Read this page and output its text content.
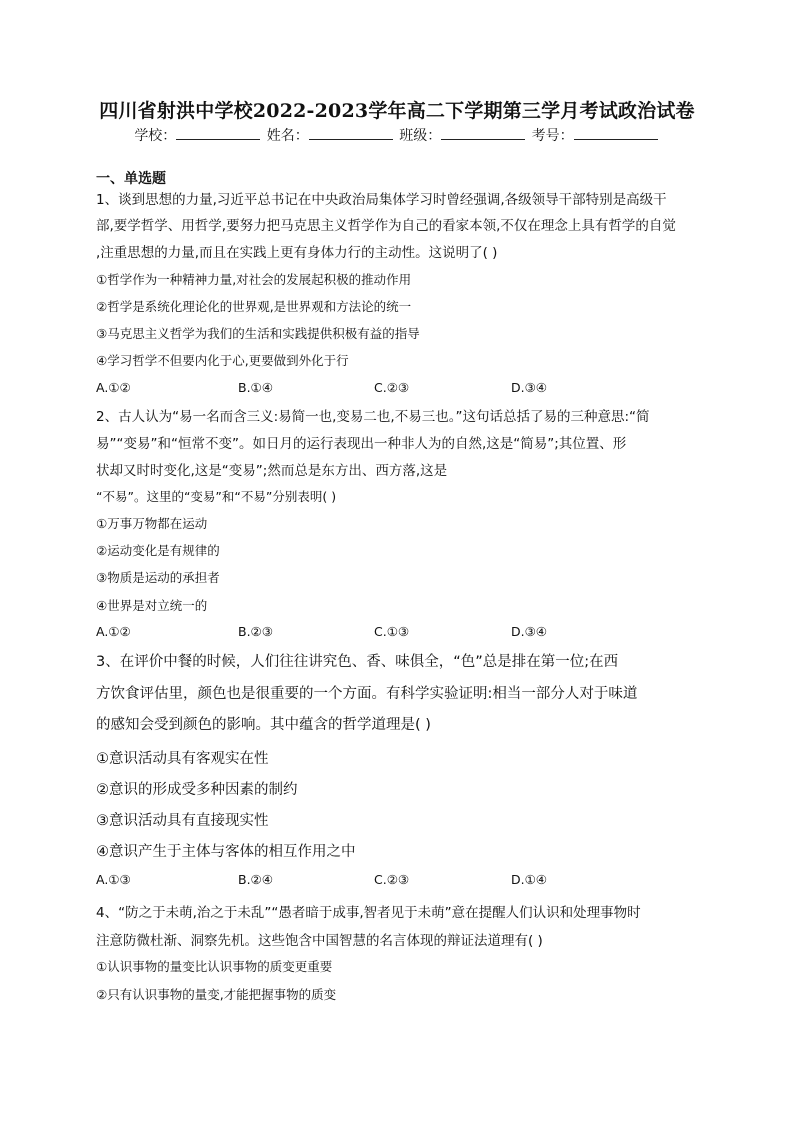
四川省射洪中学校2022-2023学年高二下学期第三学月考试政治试卷
学校：	姓名：	班级：	考号：
一、单选题
1、谈到思想的力量,习近平总书记在中央政治局集体学习时曾经强调,各级领导干部特别是高级干
部,要学哲学、用哲学,要努力把马克思主义哲学作为自己的看家本领,不仅在理念上具有哲学的自觉
,注重思想的力量,而且在实践上更有身体力行的主动性。这说明了( )
①哲学作为一种精神力量,对社会的发展起积极的推动作用
②哲学是系统化理论化的世界观,是世界观和方法论的统一
③马克思主义哲学为我们的生活和实践提供积极有益的指导
④学习哲学不但要内化于心,更要做到外化于行
A.①②	B.①④	C.②③	D.③④
2、古人认为“易一名而含三义:易简一也,变易二也,不易三也。”这句话总括了易的三种意思:“简
易”“变易”和“恒常不变”。如日月的运行表现出一种非人为的自然,这是“简易”;其位置、形
状却又时时变化,这是“变易”;然而总是东方出、西方落,这是
“不易”。这里的“变易”和“不易”分别表明( )
①万事万物都在运动
②运动变化是有规律的
③物质是运动的承担者
④世界是对立统一的
A.①②	B.②③	C.①③	D.③④
3、在评价中餐的时候，人们往往讲究色、香、味俱全，“色”总是排在第一位;在西
方饮食评估里，颜色也是很重要的一个方面。有科学实验证明:相当一部分人对于味道
的感知会受到颜色的影响。其中蕴含的哲学道理是( )
①意识活动具有客观实在性
②意识的形成受多种因素的制约
③意识活动具有直接现实性
④意识产生于主体与客体的相互作用之中
A.①③	B.②④	C.②③	D.①④
4、“防之于未萌,治之于未乱”“愚者暗于成事,智者见于未萌”意在提醒人们认识和处理事物时
注意防微杜渐、洞察先机。这些饱含中国智慧的名言体现的辩证法道理有( )
①认识事物的量变比认识事物的质变更重要
②只有认识事物的量变,才能把握事物的质变
